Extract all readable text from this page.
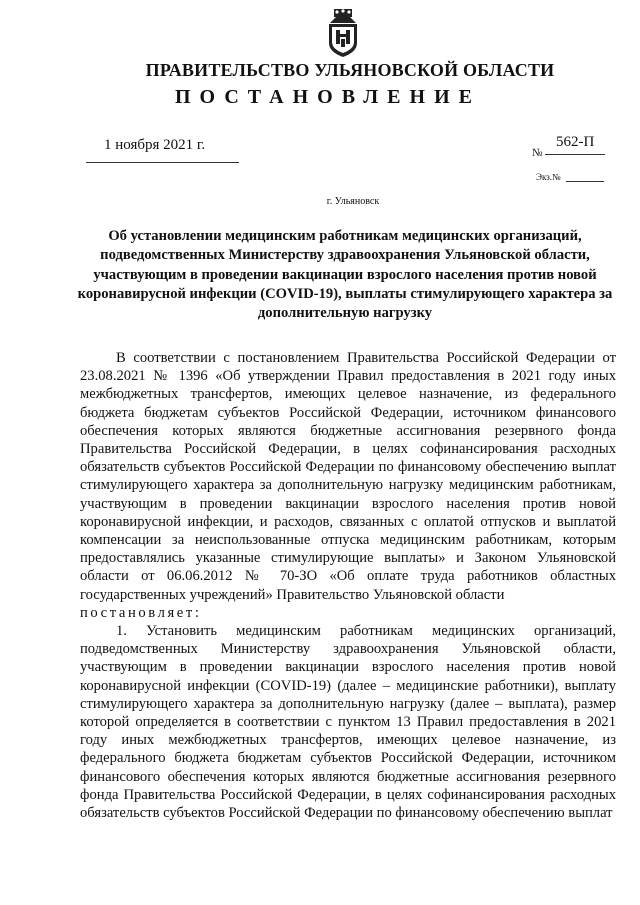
ПРАВИТЕЛЬСТВО УЛЬЯНОВСКОЙ ОБЛАСТИ
ПОСТАНОВЛЕНИЕ
1 ноября 2021 г.	№
562-П
Экз.№
г. Ульяновск
Об установлении медицинским работникам медицинских организаций, подведомственных Министерству здравоохранения Ульяновской области, участвующим в проведении вакцинации взрослого населения против новой коронавирусной инфекции (COVID-19), выплаты стимулирующего характера за дополнительную нагрузку

В соответствии с постановлением Правительства Российской Федерации от 23.08.2021 № 1396 «Об утверждении Правил предоставления в 2021 году иных межбюджетных трансфертов, имеющих целевое назначение, из федерального бюджета бюджетам субъектов Российской Федерации, источником финансового обеспечения которых являются бюджетные ассигнования резервного фонда Правительства Российской Федерации, в целях софинансирования расходных обязательств субъектов Российской Федерации по финансовому обеспечению выплат стимулирующего характера за дополнительную нагрузку медицинским работникам, участвующим в проведении вакцинации взрослого населения против новой коронавирусной инфекции, и расходов, связанных с оплатой отпусков и выплатой компенсации за неиспользованные отпуска медицинским работникам, которым предоставлялись указанные стимулирующие выплаты» и Законом Ульяновской области от 06.06.2012 № 70-ЗО «Об оплате труда работников областных государственных учреждений» Правительство Ульяновской области

постановляет:

1. Установить медицинским работникам медицинских организаций, подведомственных Министерству здравоохранения Ульяновской области, участвующим в проведении вакцинации взрослого населения против новой коронавирусной инфекции (COVID-19) (далее – медицинские работники), выплату стимулирующего характера за дополнительную нагрузку (далее – выплата), размер которой определяется в соответствии с пунктом 13 Правил предоставления в 2021 году иных межбюджетных трансфертов, имеющих целевое назначение, из федерального бюджета бюджетам субъектов Российской Федерации, источником финансового обеспечения которых являются бюджетные ассигнования резервного фонда Правительства Российской Федерации, в целях софинансирования расходных обязательств субъектов Российской Федерации по финансовому обеспечению выплат
